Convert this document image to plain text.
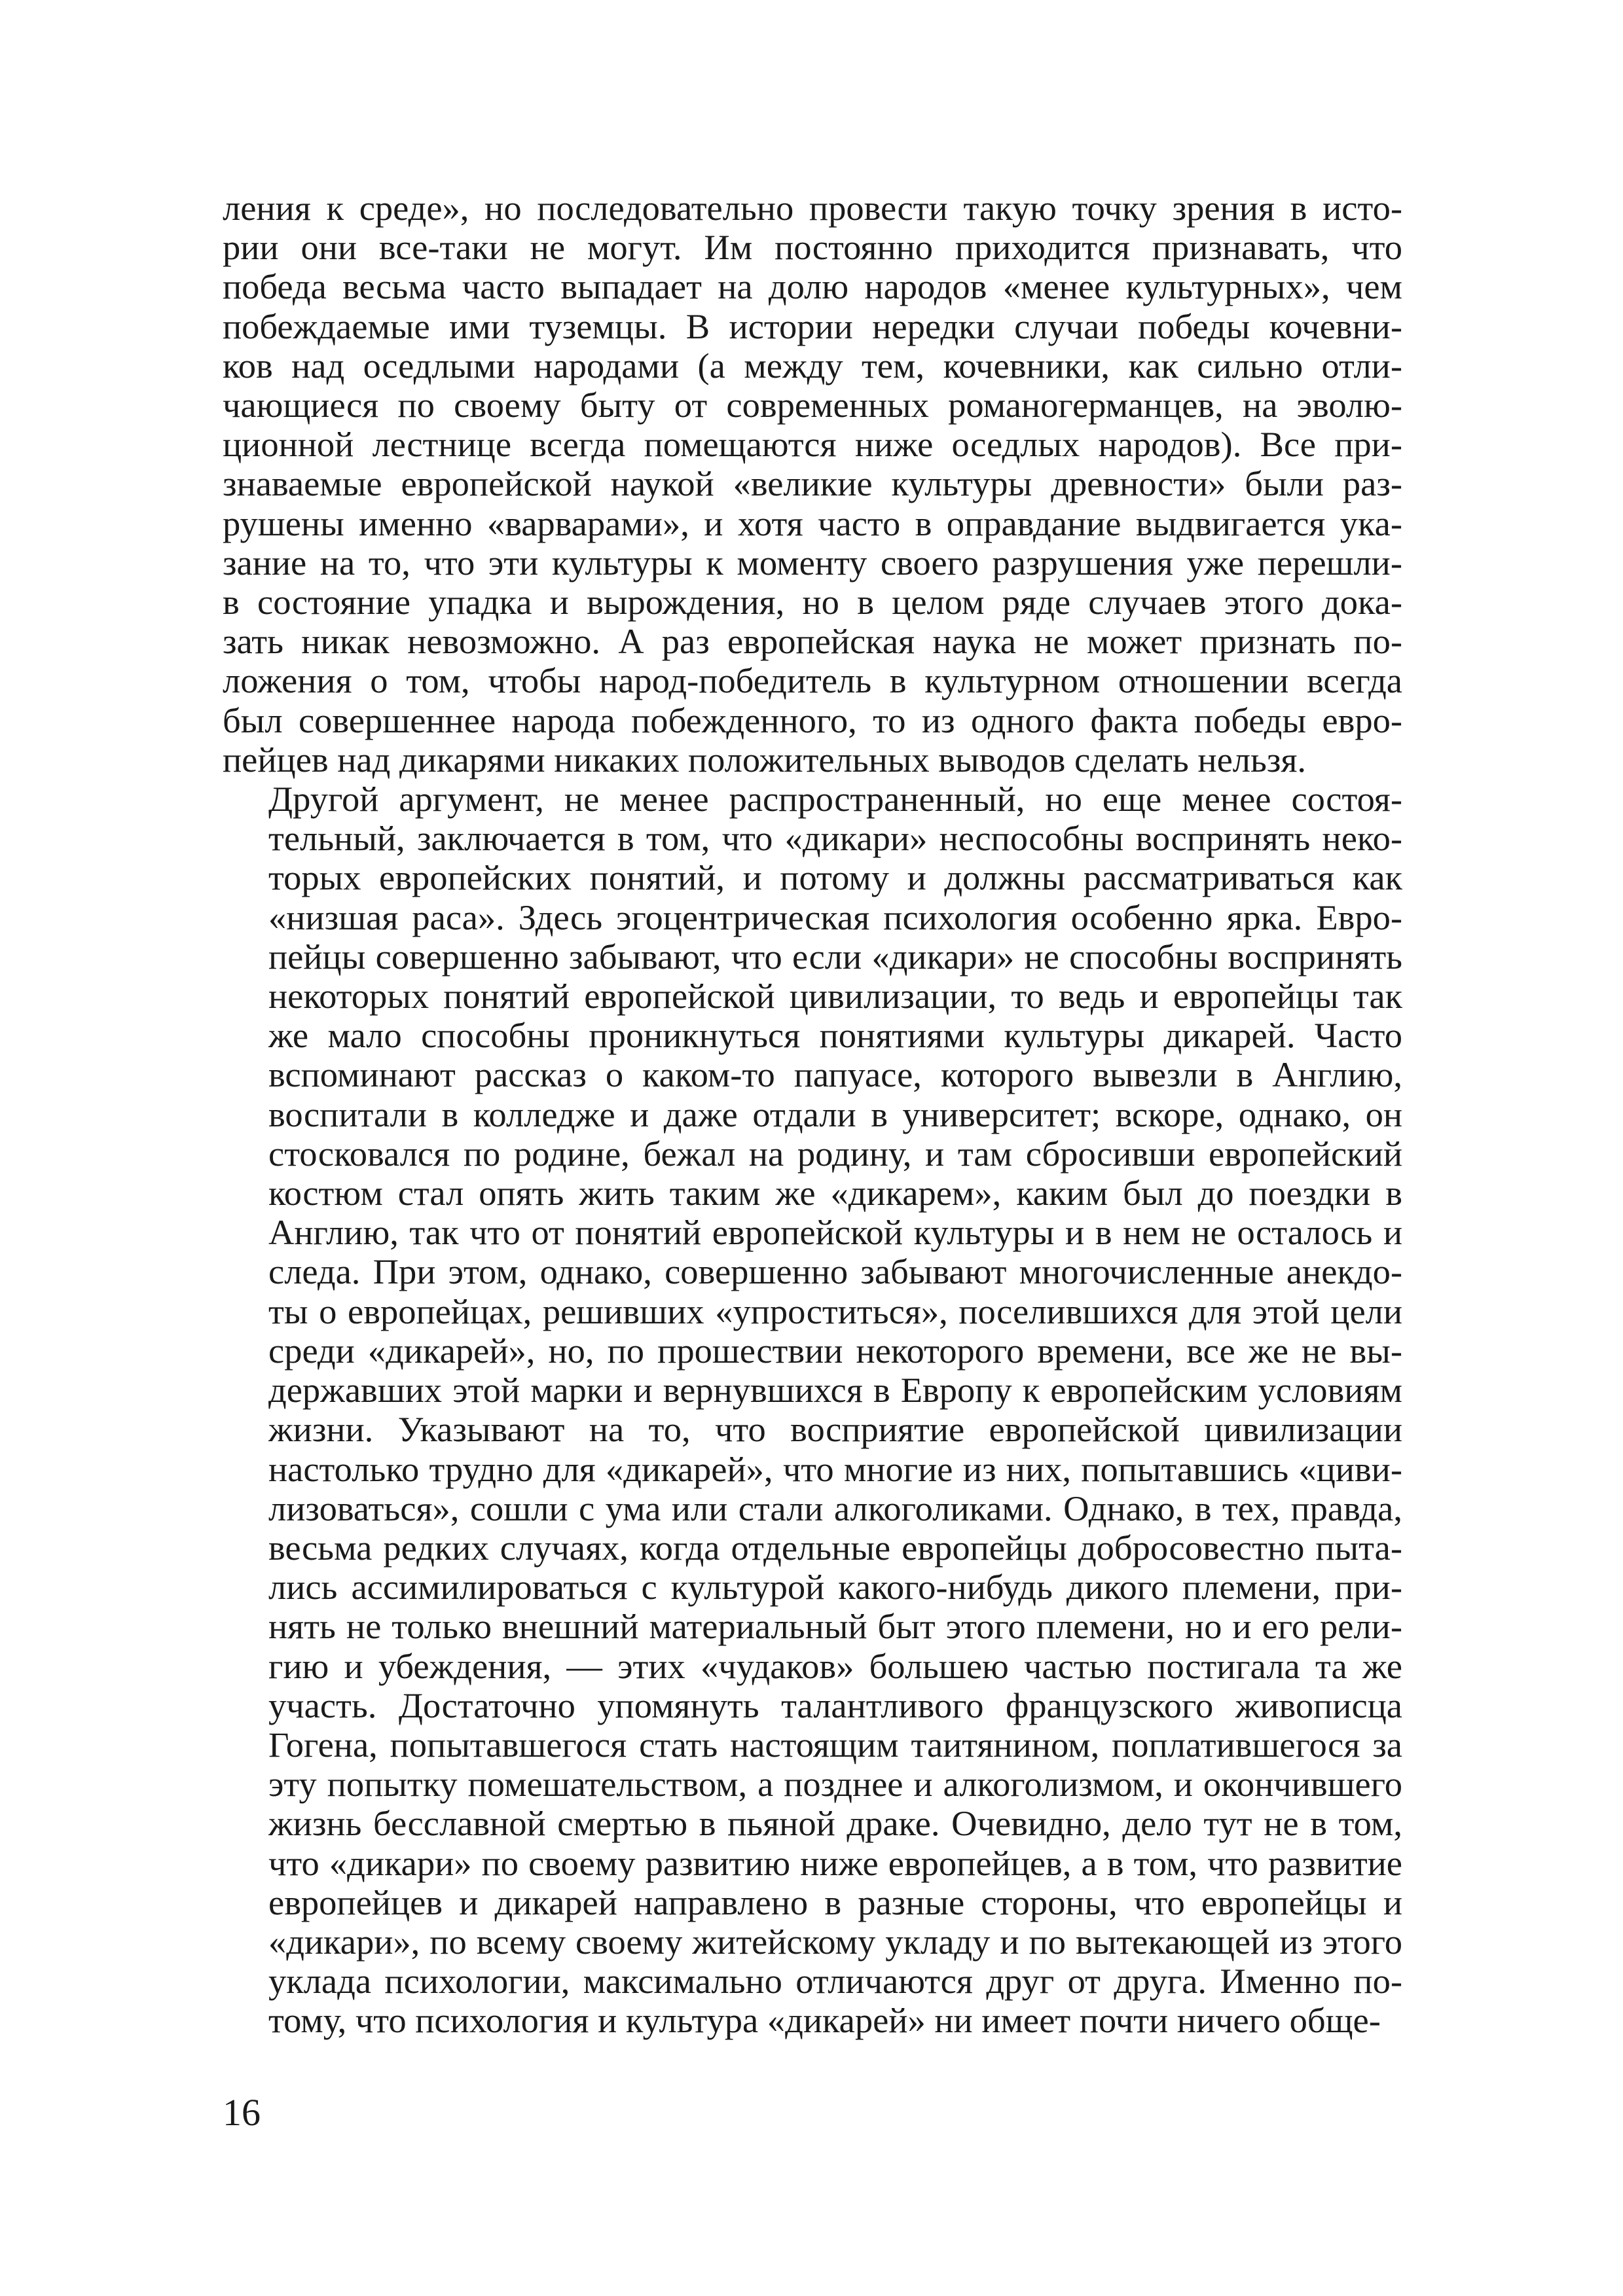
ления к среде», но последовательно провести такую точку зрения в исто-
рии они все-таки не могут. Им постоянно приходится признавать, что
победа весьма часто выпадает на долю народов «менее культурных», чем
побеждаемые ими туземцы. В истории нередки случаи победы кочевни-
ков над оседлыми народами (а между тем, кочевники, как сильно отли-
чающиеся по своему быту от современных романогерманцев, на эволю-
ционной лестнице всегда помещаются ниже оседлых народов). Все при-
знаваемые европейской наукой «великие культуры древности» были раз-
рушены именно «варварами», и хотя часто в оправдание выдвигается ука-
зание на то, что эти культуры к моменту своего разрушения уже перешли-
в состояние упадка и вырождения, но в целом ряде случаев этого дока-
зать никак невозможно. А раз европейская наука не может признать по-
ложения о том, чтобы народ-победитель в культурном отношении всегда
был совершеннее народа побежденного, то из одного факта победы евро-
пейцев над дикарями никаких положительных выводов сделать нельзя.
Другой аргумент, не менее распространенный, но еще менее состоя-
тельный, заключается в том, что «дикари» неспособны воспринять неко-
торых европейских понятий, и потому и должны рассматриваться как
«низшая раса». Здесь эгоцентрическая психология особенно ярка. Евро-
пейцы совершенно забывают, что если «дикари» не способны воспринять
некоторых понятий европейской цивилизации, то ведь и европейцы так
же мало способны проникнуться понятиями культуры дикарей. Часто
вспоминают рассказ о каком-то папуасе, которого вывезли в Англию,
воспитали в колледже и даже отдали в университет; вскоре, однако, он
стосковался по родине, бежал на родину, и там сбросивши европейский
костюм стал опять жить таким же «дикарем», каким был до поездки в
Англию, так что от понятий европейской культуры и в нем не осталось и
следа. При этом, однако, совершенно забывают многочисленные анекдо-
ты о европейцах, решивших «упроститься», поселившихся для этой цели
среди «дикарей», но, по прошествии некоторого времени, все же не вы-
державших этой марки и вернувшихся в Европу к европейским условиям
жизни. Указывают на то, что восприятие европейской цивилизации
настолько трудно для «дикарей», что многие из них, попытавшись «циви-
лизоваться», сошли с ума или стали алкоголиками. Однако, в тех, правда,
весьма редких случаях, когда отдельные европейцы добросовестно пыта-
лись ассимилироваться с культурой какого-нибудь дикого племени, при-
нять не только внешний материальный быт этого племени, но и его рели-
гию и убеждения, — этих «чудаков» большею частью постигала та же
участь. Достаточно упомянуть талантливого французского живописца
Гогена, попытавшегося стать настоящим таитянином, поплатившегося за
эту попытку помешательством, а позднее и алкоголизмом, и окончившего
жизнь бесславной смертью в пьяной драке. Очевидно, дело тут не в том,
что «дикари» по своему развитию ниже европейцев, а в том, что развитие
европейцев и дикарей направлено в разные стороны, что европейцы и
«дикари», по всему своему житейскому укладу и по вытекающей из этого
уклада психологии, максимально отличаются друг от друга. Именно по-
тому, что психология и культура «дикарей» ни имеет почти ничего обще-
16
